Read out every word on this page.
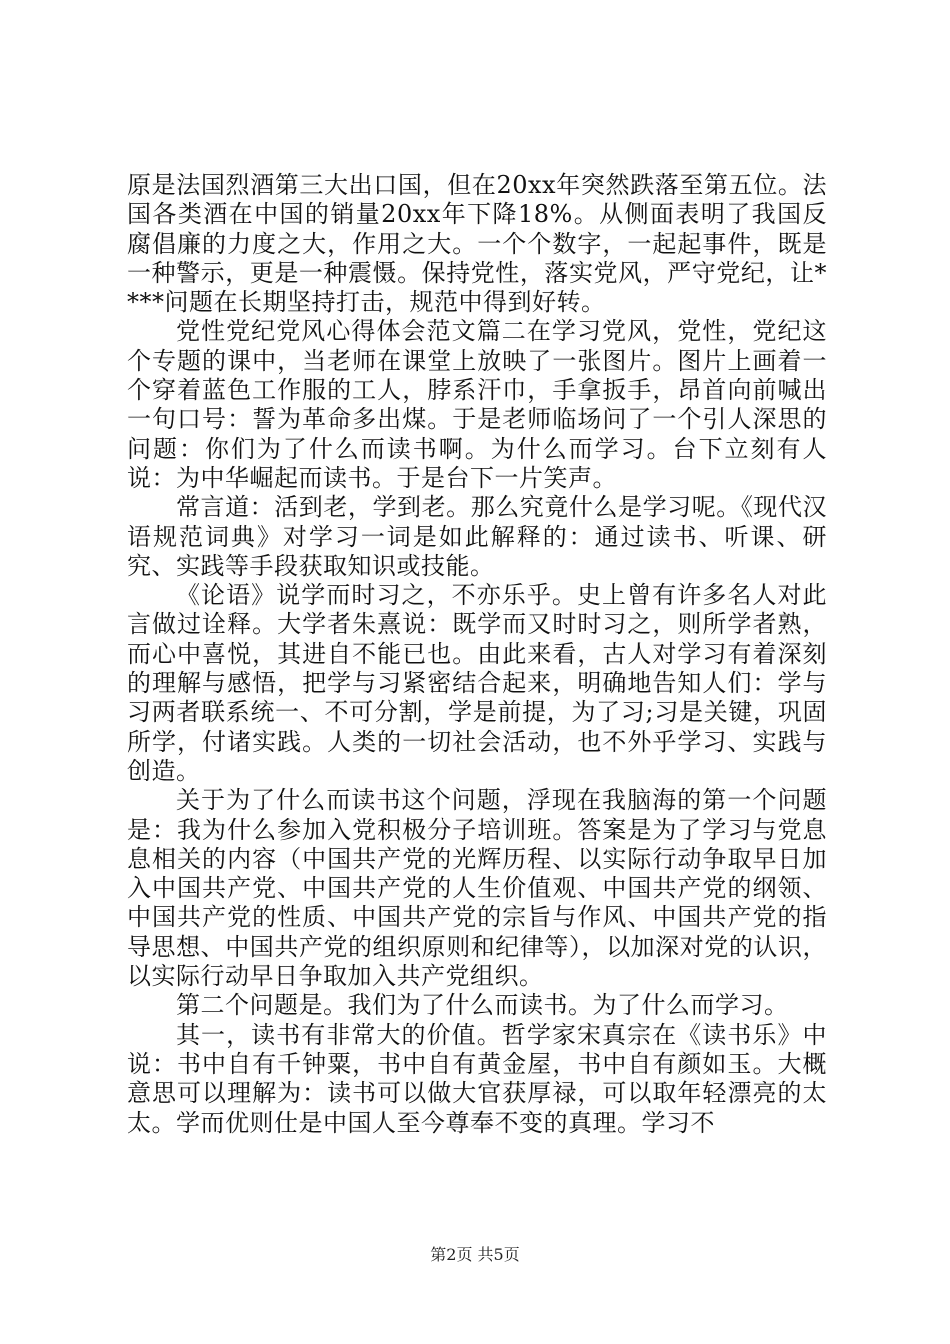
原是法国烈酒第三大出口国，但在20xx年突然跌落至第五位。法国各类酒在中国的销量20xx年下降18%。从侧面表明了我国反腐倡廉的力度之大，作用之大。一个个数字，一起起事件，既是一种警示，更是一种震慑。保持党性，落实党风，严守党纪，让****问题在长期坚持打击，规范中得到好转。

党性党纪党风心得体会范文篇二在学习党风，党性，党纪这个专题的课中，当老师在课堂上放映了一张图片。图片上画着一个穿着蓝色工作服的工人，脖系汗巾，手拿扳手，昂首向前喊出一句口号：誓为革命多出煤。于是老师临场问了一个引人深思的问题：你们为了什么而读书啊。为什么而学习。台下立刻有人说：为中华崛起而读书。于是台下一片笑声。

常言道：活到老，学到老。那么究竟什么是学习呢。《现代汉语规范词典》对学习一词是如此解释的：通过读书、听课、研究、实践等手段获取知识或技能。

《论语》说学而时习之，不亦乐乎。史上曾有许多名人对此言做过诠释。大学者朱熹说：既学而又时时习之，则所学者熟，而心中喜悦，其进自不能已也。由此来看，古人对学习有着深刻的理解与感悟，把学与习紧密结合起来，明确地告知人们：学与习两者联系统一、不可分割，学是前提，为了习;习是关键，巩固所学，付诸实践。人类的一切社会活动，也不外乎学习、实践与创造。

关于为了什么而读书这个问题，浮现在我脑海的第一个问题是：我为什么参加入党积极分子培训班。答案是为了学习与党息息相关的内容（中国共产党的光辉历程、以实际行动争取早日加入中国共产党、中国共产党的人生价值观、中国共产党的纲领、中国共产党的性质、中国共产党的宗旨与作风、中国共产党的指导思想、中国共产党的组织原则和纪律等），以加深对党的认识，以实际行动早日争取加入共产党组织。

第二个问题是。我们为了什么而读书。为了什么而学习。

其一，读书有非常大的价值。哲学家宋真宗在《读书乐》中说：书中自有千钟粟，书中自有黄金屋，书中自有颜如玉。大概意思可以理解为：读书可以做大官获厚禄，可以取年轻漂亮的太太。学而优则仕是中国人至今尊奉不变的真理。学习不

第2页 共5页
